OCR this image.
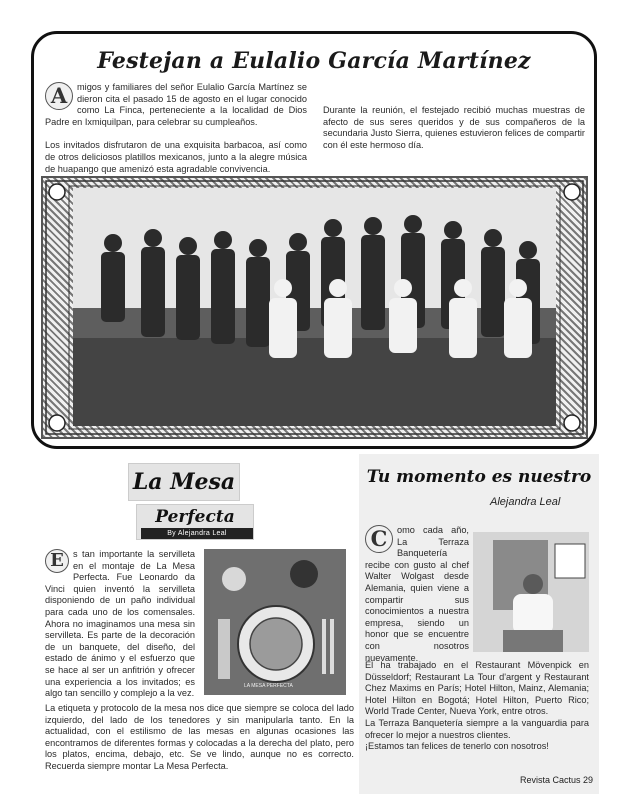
Festejan a Eulalio García Martínez

A	migos y familiares del señor Eulalio García Martínez se dieron cita el pasado 15 de agosto en el lugar conocido como La Finca, perteneciente a la localidad de Dios Padre en Ixmiquilpan, para celebrar su cumpleaños.

Los invitados disfrutaron de una exquisita barbacoa, así como de otros deliciosos platillos mexicanos, junto a la alegre música de huapango que amenizó esta agradable convivencia.

Durante la reunión, el festejado recibió muchas muestras de afecto de sus seres queridos y de sus compañeros de la secundaria Justo Sierra, quienes estuvieron felices de compartir con él este hermoso día.

La Mesa
Perfecta
By Alejandra Leal

E s tan importante la servilleta en el montaje de La Mesa Perfecta. Fue Leonardo da Vinci quien inventó la servilleta disponiendo de un paño individual para cada uno de los comensales. Ahora no imaginamos una mesa sin servilleta. Es parte de la decoración de un banquete, del diseño, del estado de ánimo y el esfuerzo que se hace al ser un anfitrión y ofrecer una experiencia a los invitados; es algo tan sencillo y complejo a la vez.

LA MESA PERFECTA
La etiqueta y protocolo de la mesa nos dice que siempre se coloca del lado izquierdo, del lado de los tenedores y sin manipularla tanto. En la actualidad, con el estilismo de las mesas en algunas ocasiones las encontramos de diferentes formas y colocadas a la derecha del plato, pero los platos, encima, debajo, etc. Se ve lindo, aunque no es correcto. Recuerda siempre montar La Mesa Perfecta.
Tu momento es nuestro
Alejandra Leal

C	omo cada año, La Terraza Banquetería recibe con gusto al chef Walter Wolgast desde Alemania, quien viene a compartir sus conocimientos a nuestra empresa, siendo un honor que se encuentre con nosotros nuevamente.

Él ha trabajado en el Restaurant Mövenpick en Düsseldorf; Restaurant La Tour d'argent y Restaurant Chez Maxims en París; Hotel Hilton, Mainz, Alemania; Hotel Hilton en Bogotá; Hotel Hilton, Puerto Rico; World Trade Center, Nueva York, entre otros.

La Terraza Banquetería siempre a la vanguardia para ofrecer lo mejor a nuestros clientes.

¡Estamos tan felices de tenerlo con nosotros!

Revista Cactus 29
